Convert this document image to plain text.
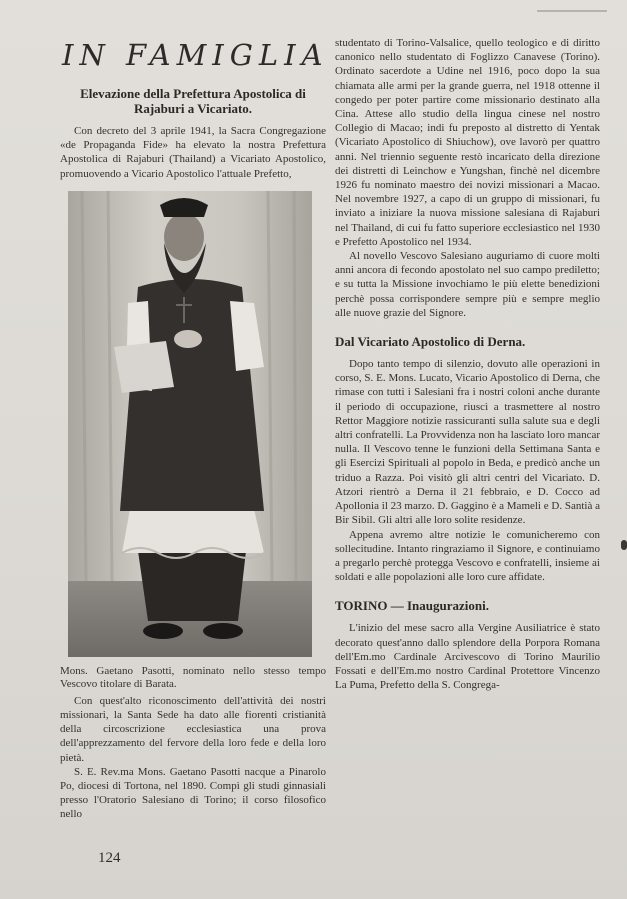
IN FAMIGLIA
Elevazione della Prefettura Apostolica di Rajaburi a Vicariato.

Con decreto del 3 aprile 1941, la Sacra Congregazione «de Propaganda Fide» ha elevato la nostra Prefettura Apostolica di Rajaburi (Thailand) a Vicariato Apostolico, promuovendo a Vicario Apostolico l'attuale Prefetto,

Mons. Gaetano Pasotti, nominato nello stesso tempo Vescovo titolare di Barata.

Con quest'alto riconoscimento dell'attività dei nostri missionari, la Santa Sede ha dato alle fiorenti cristianità della circoscrizione ecclesiastica una prova dell'apprezzamento del fervore della loro fede e della loro pietà.

S. E. Rev.ma Mons. Gaetano Pasotti nacque a Pinarolo Po, diocesi di Tortona, nel 1890. Compì gli studi ginnasiali presso l'Oratorio Salesiano di Torino; il corso filosofico nello

studentato di Torino-Valsalice, quello teologico e di diritto canonico nello studentato di Foglizzo Canavese (Torino). Ordinato sacerdote a Udine nel 1916, poco dopo la sua chiamata alle armi per la grande guerra, nel 1918 ottenne il congedo per poter partire come missionario destinato alla Cina. Attese allo studio della lingua cinese nel nostro Collegio di Macao; indi fu preposto al distretto di Yentak (Vicariato Apostolico di Shiuchow), ove lavorò per quattro anni. Nel triennio seguente restò incaricato della direzione dei distretti di Leinchow e Yungshan, finchè nel dicembre 1926 fu nominato maestro dei novizi missionari a Macao. Nel novembre 1927, a capo di un gruppo di missionari, fu inviato a iniziare la nuova missione salesiana di Rajaburi nel Thailand, di cui fu fatto superiore ecclesiastico nel 1930 e Prefetto Apostolico nel 1934.

Al novello Vescovo Salesiano auguriamo di cuore molti anni ancora di fecondo apostolato nel suo campo prediletto; e su tutta la Missione invochiamo le più elette benedizioni perchè possa corrispondere sempre più e sempre meglio alle nuove grazie del Signore.

Dal Vicariato Apostolico di Derna.

Dopo tanto tempo di silenzio, dovuto alle operazioni in corso, S. E. Mons. Lucato, Vicario Apostolico di Derna, che rimase con tutti i Salesiani fra i nostri coloni anche durante il periodo di occupazione, riuscì a trasmettere al nostro Rettor Maggiore notizie rassicuranti sulla salute sua e degli altri confratelli. La Provvidenza non ha lasciato loro mancar nulla. Il Vescovo tenne le funzioni della Settimana Santa e gli Esercizi Spirituali al popolo in Beda, e predicò anche un triduo a Razza. Poi visitò gli altri centri del Vicariato. D. Atzori rientrò a Derna il 21 febbraio, e D. Cocco ad Apollonia il 23 marzo. D. Gaggino è a Mameli e D. Santià a Bir Sibil. Gli altri alle loro solite residenze.

Appena avremo altre notizie le comunicheremo con sollecitudine. Intanto ringraziamo il Signore, e continuiamo a pregarlo perchè protegga Vescovo e confratelli, insieme ai soldati e alle popolazioni alle loro cure affidate.

TORINO — Inaugurazioni.

L'inizio del mese sacro alla Vergine Ausiliatrice è stato decorato quest'anno dallo splendore della Porpora Romana dell'Em.mo Cardinale Arcivescovo di Torino Maurilio Fossati e dell'Em.mo nostro Cardinal Protettore Vincenzo La Puma, Prefetto della S. Congrega-

124
